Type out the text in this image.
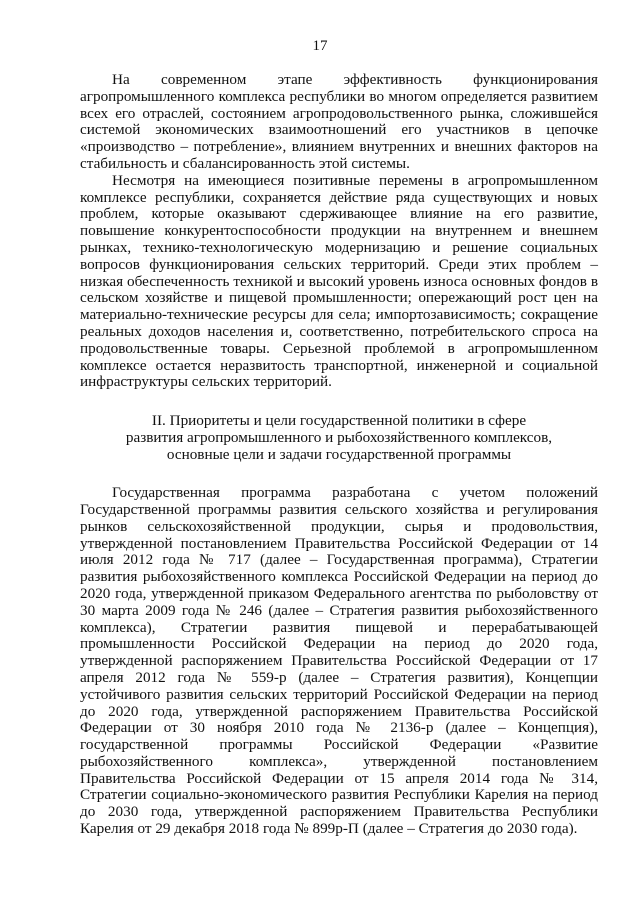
17

На современном этапе эффективность функционирования агропромышленного комплекса республики во многом определяется развитием всех его отраслей, состоянием агропродовольственного рынка, сложившейся системой экономических взаимоотношений его участников в цепочке «производство – потребление», влиянием внутренних и внешних факторов на стабильность и сбалансированность этой системы.

Несмотря на имеющиеся позитивные перемены в агропромышленном комплексе республики, сохраняется действие ряда существующих и новых проблем, которые оказывают сдерживающее влияние на его развитие, повышение конкурентоспособности продукции на внутреннем и внешнем рынках, технико-технологическую модернизацию и решение социальных вопросов функционирования сельских территорий. Среди этих проблем – низкая обеспеченность техникой и высокий уровень износа основных фондов в сельском хозяйстве и пищевой промышленности; опережающий рост цен на материально-технические ресурсы для села; импортозависимость; сокращение реальных доходов населения и, соответственно, потребительского спроса на продовольственные товары. Серьезной проблемой в агропромышленном комплексе остается неразвитость транспортной, инженерной и социальной инфраструктуры сельских территорий.

II. Приоритеты и цели государственной политики в сфере
развития агропромышленного и рыбохозяйственного комплексов,
основные цели и задачи государственной программы

Государственная программа разработана с учетом положений Государственной программы развития сельского хозяйства и регулирования рынков сельскохозяйственной продукции, сырья и продовольствия, утвержденной постановлением Правительства Российской Федерации от 14 июля 2012 года № 717 (далее – Государственная программа), Стратегии развития рыбохозяйственного комплекса Российской Федерации на период до 2020 года, утвержденной приказом Федерального агентства по рыболовству от 30 марта 2009 года № 246 (далее – Стратегия развития рыбохозяйственного комплекса), Стратегии развития пищевой и перерабатывающей промышленности Российской Федерации на период до 2020 года, утвержденной распоряжением Правительства Российской Федерации от 17 апреля 2012 года № 559-р (далее – Стратегия развития), Концепции устойчивого развития сельских территорий Российской Федерации на период до 2020 года, утвержденной распоряжением Правительства Российской Федерации от 30 ноября 2010 года № 2136-р (далее – Концепция), государственной программы Российской Федерации «Развитие рыбохозяйственного комплекса», утвержденной постановлением Правительства Российской Федерации от 15 апреля 2014 года № 314, Стратегии социально-экономического развития Республики Карелия на период до 2030 года, утвержденной распоряжением Правительства Республики Карелия от 29 декабря 2018 года № 899р-П (далее – Стратегия до 2030 года).
